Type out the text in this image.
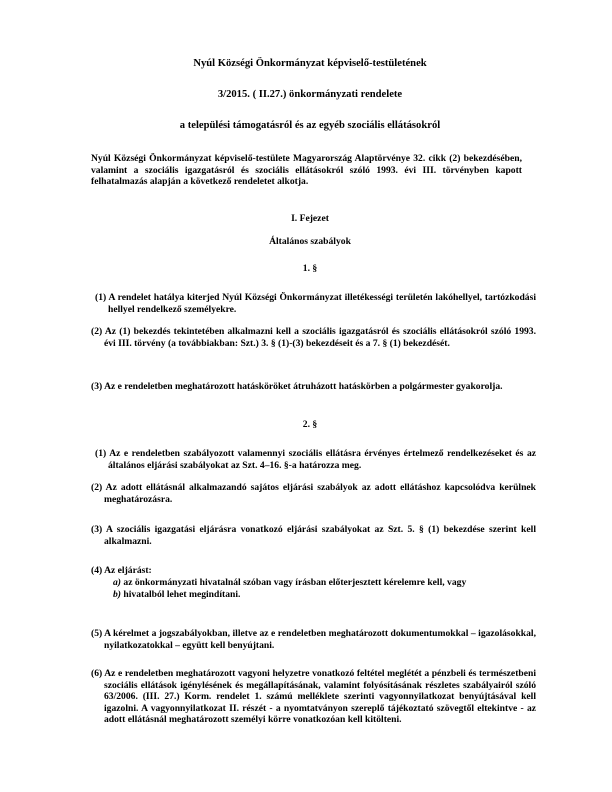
Nyúl Községi Önkormányzat képviselő-testületének
3/2015. ( II.27.) önkormányzati rendelete
a települési támogatásról és az egyéb szociális ellátásokról
Nyúl Községi Önkormányzat képviselő-testülete Magyarország Alaptörvénye 32. cikk (2) bekezdésében, valamint a szociális igazgatásról és szociális ellátásokról szóló 1993. évi III. törvényben kapott felhatalmazás alapján a következő rendeletet alkotja.
I. Fejezet
Általános szabályok
1. §
(1) A rendelet hatálya kiterjed Nyúl Községi Önkormányzat illetékességi területén lakóhellyel, tartózkodási hellyel rendelkező személyekre.
(2) Az (1) bekezdés tekintetében alkalmazni kell a szociális igazgatásról és szociális ellátásokról szóló 1993. évi III. törvény (a továbbiakban: Szt.) 3. § (1)-(3) bekezdéseit és a 7. § (1) bekezdését.
(3) Az e rendeletben meghatározott hatásköröket átruházott hatáskörben a polgármester gyakorolja.
2. §
(1) Az e rendeletben szabályozott valamennyi szociális ellátásra érvényes értelmező rendelkezéseket és az általános eljárási szabályokat az Szt. 4–16. §-a határozza meg.
(2) Az adott ellátásnál alkalmazandó sajátos eljárási szabályok az adott ellátáshoz kapcsolódva kerülnek meghatározásra.
(3) A szociális igazgatási eljárásra vonatkozó eljárási szabályokat az Szt. 5. § (1) bekezdése szerint kell alkalmazni.
(4) Az eljárást:
a) az önkormányzati hivatalnál szóban vagy írásban előterjesztett kérelemre kell, vagy
b) hivatalból lehet megindítani.
(5) A kérelmet a jogszabályokban, illetve az e rendeletben meghatározott dokumentumokkal – igazolásokkal, nyilatkozatokkal – együtt kell benyújtani.
(6) Az e rendeletben meghatározott vagyoni helyzetre vonatkozó feltétel meglétét a pénzbeli és természetbeni szociális ellátások igénylésének és megállapításának, valamint folyósításának részletes szabályairól szóló 63/2006. (III. 27.) Korm. rendelet 1. számú melléklete szerinti vagyonnyilatkozat benyújtásával kell igazolni. A vagyonnyilatkozat II. részét - a nyomtatványon szereplő tájékoztató szövegtől eltekintve - az adott ellátásnál meghatározott személyi körre vonatkozóan kell kitölteni.
